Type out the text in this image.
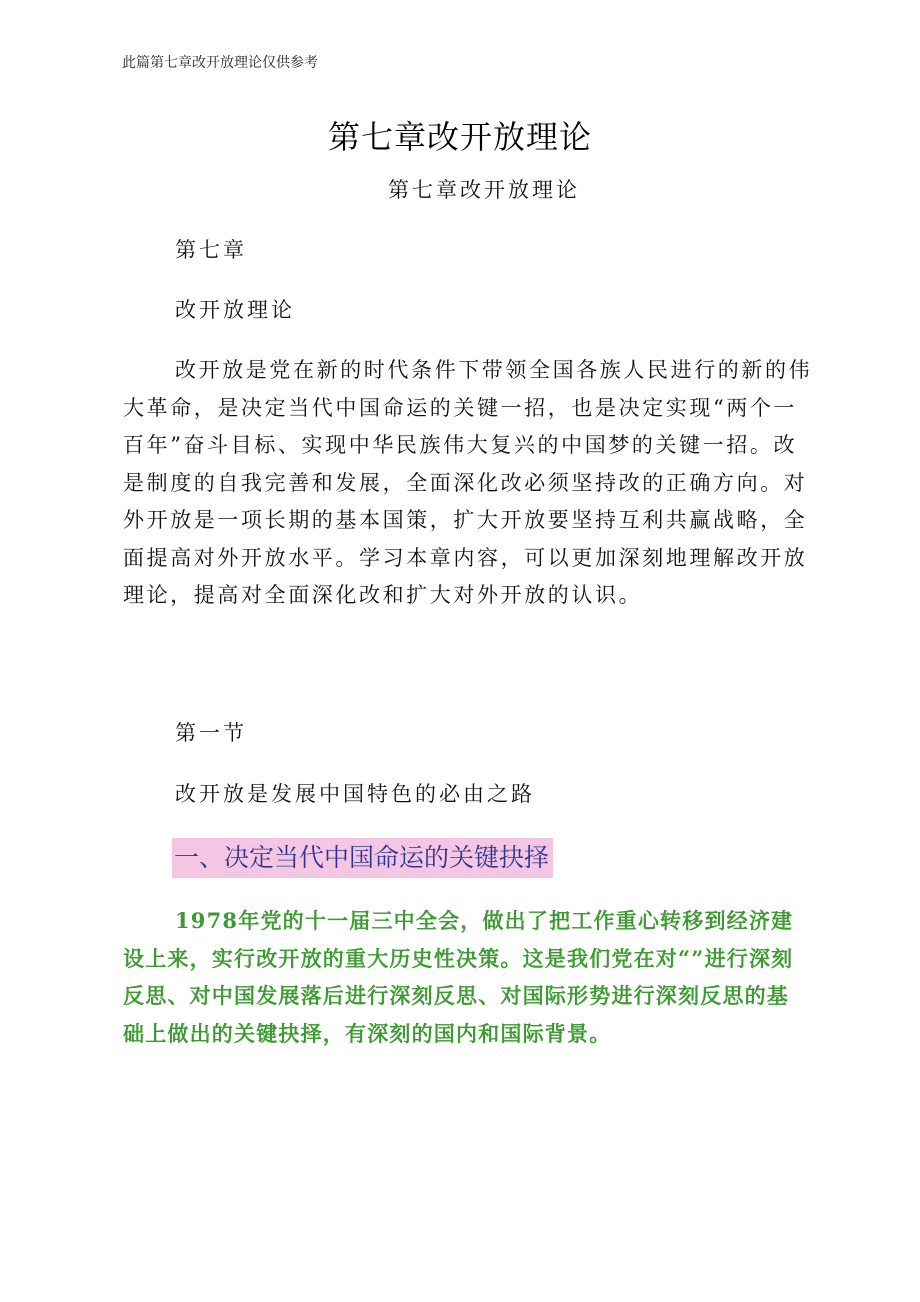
此篇第七章改开放理论仅供参考
第七章改开放理论
第七章改开放理论
第七章
改开放理论

改开放是党在新的时代条件下带领全国各族人民进行的新的伟大革命，是决定当代中国命运的关键一招，也是决定实现“两个一百年”奋斗目标、实现中华民族伟大复兴的中国梦的关键一招。改是制度的自我完善和发展，全面深化改必须坚持改的正确方向。对外开放是一项长期的基本国策，扩大开放要坚持互利共赢战略，全面提高对外开放水平。学习本章内容，可以更加深刻地理解改开放理论，提高对全面深化改和扩大对外开放的认识。

第一节
改开放是发展中国特色的必由之路
一、决定当代中国命运的关键抉择

1978年党的十一届三中全会，做出了把工作重心转移到经济建设上来，实行改开放的重大历史性决策。这是我们党在对“”进行深刻反思、对中国发展落后进行深刻反思、对国际形势进行深刻反思的基础上做出的关键抉择，有深刻的国内和国际背景。
